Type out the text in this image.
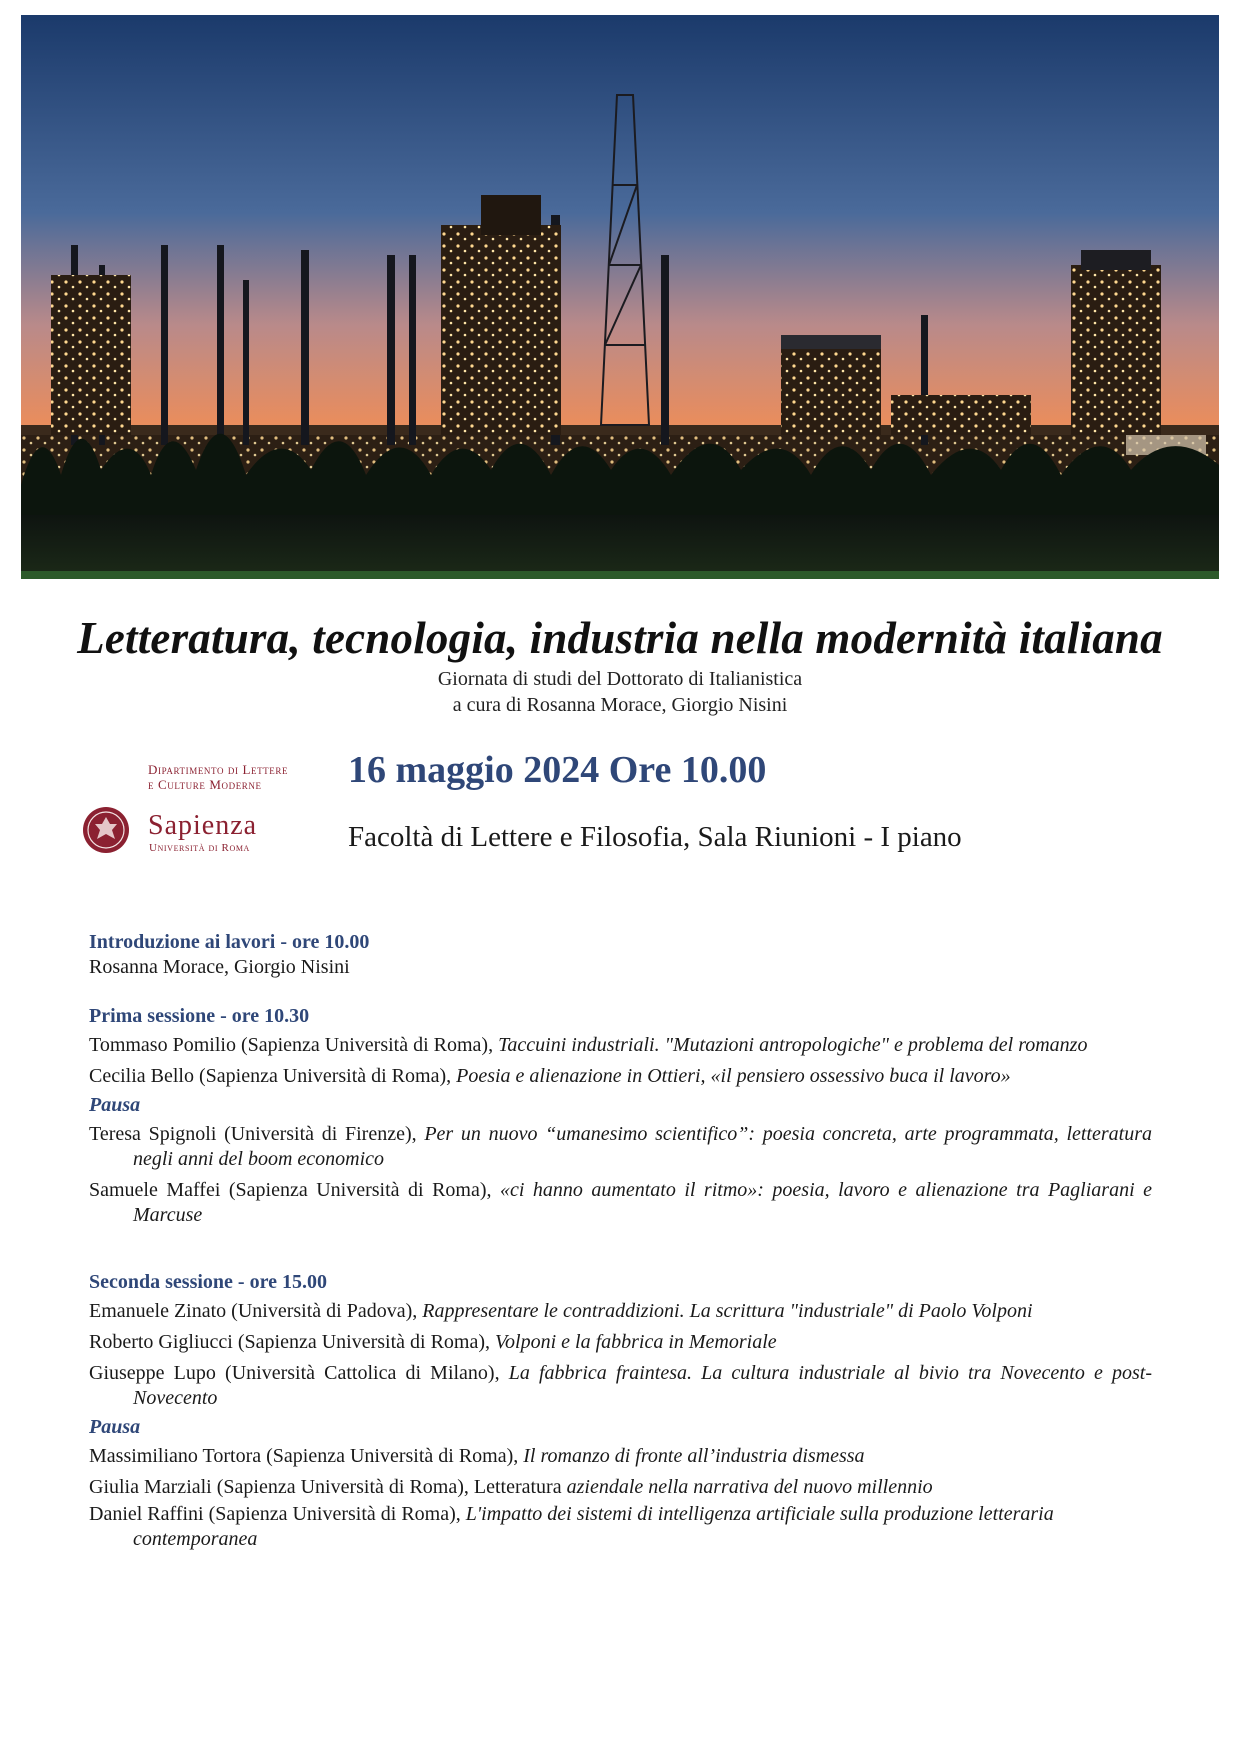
Letteratura, tecnologia, industria nella modernità italiana
Giornata di studi del Dottorato di Italianistica
a cura di Rosanna Morace, Giorgio Nisini
Dipartimento di Lettere
e Culture Moderne
Sapienza
Università di Roma
16 maggio 2024 Ore 10.00
Facoltà di Lettere e Filosofia, Sala Riunioni - I piano
Introduzione ai lavori - ore 10.00
Rosanna Morace, Giorgio Nisini
Prima sessione - ore 10.30
Tommaso Pomilio (Sapienza Università di Roma), Taccuini industriali. "Mutazioni antropologiche" e problema del romanzo
Cecilia Bello (Sapienza Università di Roma), Poesia e alienazione in Ottieri, «il pensiero ossessivo buca il lavoro»
Pausa
Teresa Spignoli (Università di Firenze), Per un nuovo “umanesimo scientifico”: poesia concreta, arte programmata, letteratura negli anni del boom economico
Samuele Maffei (Sapienza Università di Roma), «ci hanno aumentato il ritmo»: poesia, lavoro e alienazione tra Pagliarani e Marcuse
Seconda sessione - ore 15.00
Emanuele Zinato (Università di Padova), Rappresentare le contraddizioni. La scrittura "industriale" di Paolo Volponi
Roberto Gigliucci (Sapienza Università di Roma), Volponi e la fabbrica in Memoriale
Giuseppe Lupo (Università Cattolica di Milano), La fabbrica fraintesa. La cultura industriale al bivio tra Novecento e post-Novecento
Pausa
Massimiliano Tortora (Sapienza Università di Roma), Il romanzo di fronte all’industria dismessa
Giulia Marziali (Sapienza Università di Roma), Letteratura aziendale nella narrativa del nuovo millennio
Daniel Raffini (Sapienza Università di Roma), L'impatto dei sistemi di intelligenza artificiale sulla produzione letteraria contemporanea
